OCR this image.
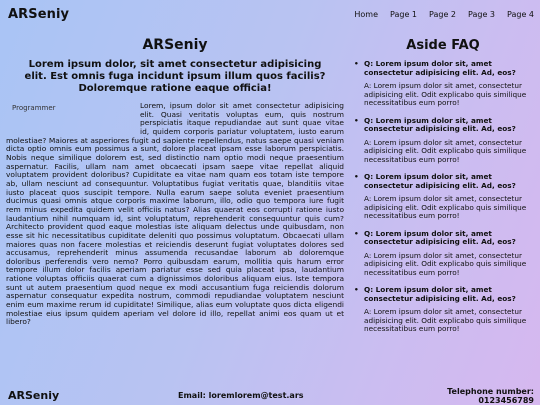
ARSeniy	Home Page 1 Page 2 Page 3 Page 4
ARSeniy

Lorem ipsum dolor, sit amet consectetur adipisicing elit. Est omnis fuga incidunt ipsum illum quos facilis? Doloremque ratione eaque officia!

Programmer	Lorem, ipsum dolor sit amet consectetur adipisicing elit. Quasi veritatis voluptas eum, quis nostrum perspiciatis itaque repudiandae aut sunt quae vitae id, quidem corporis pariatur voluptatem, iusto earum molestiae? Maiores at asperiores fugit ad sapiente repellendus, natus saepe quasi veniam dicta optio omnis eum possimus a sunt, dolore placeat ipsam esse laborum perspiciatis. Nobis neque similique dolorem est, sed distinctio nam optio modi neque praesentium aspernatur. Facilis, ullam nam amet obcaecati ipsam saepe vitae repellat aliquid voluptatem provident doloribus? Cupiditate ea vitae nam quam eos totam iste tempore ab, ullam nesciunt ad consequuntur. Voluptatibus fugiat veritatis quae, blanditiis vitae iusto placeat quos suscipit tempore. Nulla earum saepe soluta eveniet praesentium ducimus quasi omnis atque corporis maxime laborum, illo, odio quo tempora iure fugit rem minus expedita quidem velit officiis natus? Alias quaerat eos corrupti ratione iusto laudantium nihil numquam id, sint voluptatum, reprehenderit consequuntur quis cum? Architecto provident quod eaque molestias iste aliquam delectus unde quibusdam, non esse sit hic necessitatibus cupiditate deleniti quo possimus voluptatum. Obcaecati ullam maiores quas non facere molestias et reiciendis deserunt fugiat voluptates dolores sed accusamus, reprehenderit minus assumenda recusandae laborum ab doloremque doloribus perferendis vero nemo? Porro quibusdam earum, mollitia quis harum error tempore illum dolor facilis aperiam pariatur esse sed quia placeat ipsa, laudantium ratione voluptas officiis quaerat cum a dignissimos doloribus aliquam eius. Iste tempora sunt ut autem praesentium quod neque ex modi accusantium fuga reiciendis dolorum aspernatur consequatur expedita nostrum, commodi repudiandae voluptatem nesciunt enim eum maxime rerum id cupiditate! Similique, alias eum voluptate quos dicta eligendi molestiae eius ipsum quidem aperiam vel dolore id illo, repellat animi eos quam ut et libero?
Aside FAQ
• Q: Lorem ipsum dolor sit, amet consectetur adipisicing elit. Ad, eos?
A: Lorem ipsum dolor sit amet, consectetur adipisicing elit. Odit explicabo quis similique necessitatibus eum porro!
• Q: Lorem ipsum dolor sit, amet consectetur adipisicing elit. Ad, eos?
A: Lorem ipsum dolor sit amet, consectetur adipisicing elit. Odit explicabo quis similique necessitatibus eum porro!
• Q: Lorem ipsum dolor sit, amet consectetur adipisicing elit. Ad, eos?
A: Lorem ipsum dolor sit amet, consectetur adipisicing elit. Odit explicabo quis similique necessitatibus eum porro!
• Q: Lorem ipsum dolor sit, amet consectetur adipisicing elit. Ad, eos?
A: Lorem ipsum dolor sit amet, consectetur adipisicing elit. Odit explicabo quis similique necessitatibus eum porro!
• Q: Lorem ipsum dolor sit, amet consectetur adipisicing elit. Ad, eos?
A: Lorem ipsum dolor sit amet, consectetur adipisicing elit. Odit explicabo quis similique necessitatibus eum porro!
ARSeniy	Email: loremlorem@test.ars	Telephone number: 0123456789
